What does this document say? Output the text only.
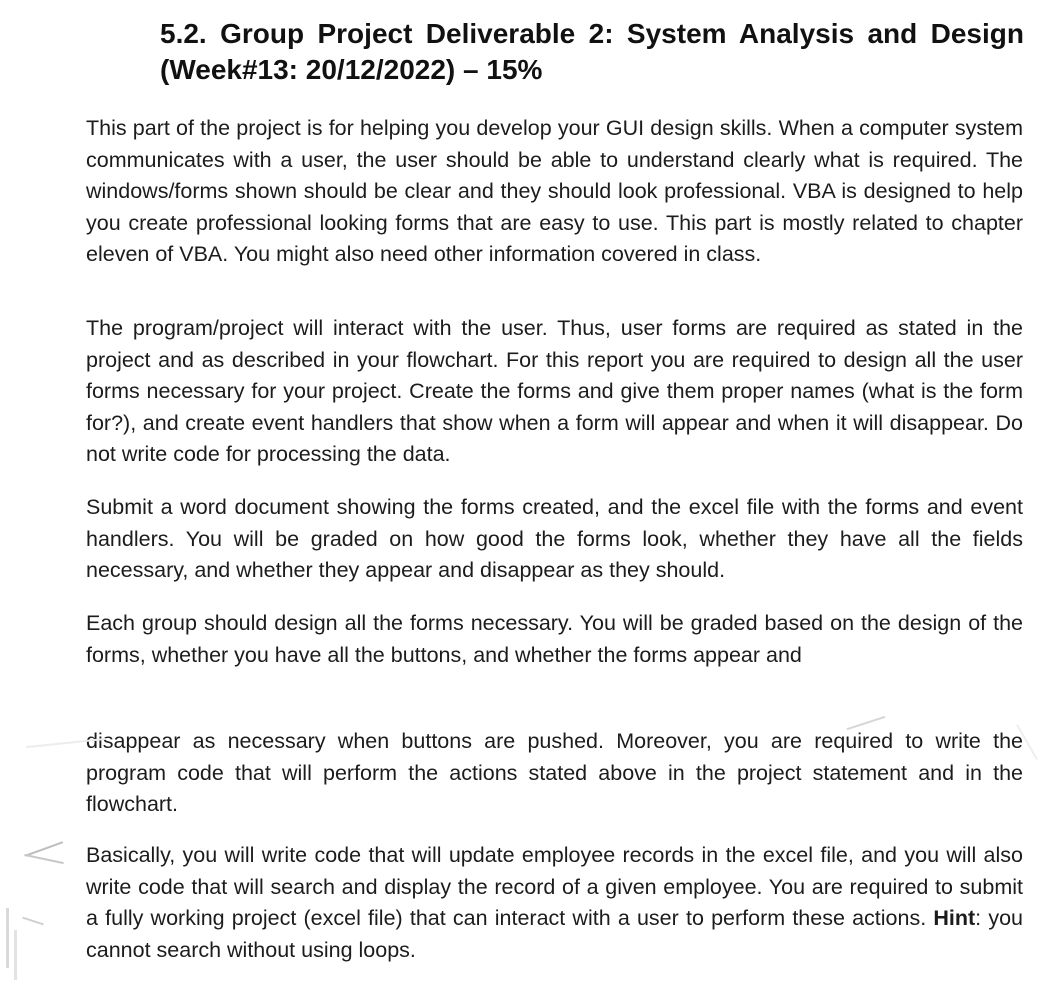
5.2. Group Project Deliverable 2: System Analysis and Design
(Week#13: 20/12/2022) – 15%

This part of the project is for helping you develop your GUI design skills. When a computer system communicates with a user, the user should be able to understand clearly what is required. The windows/forms shown should be clear and they should look professional. VBA is designed to help you create professional looking forms that are easy to use. This part is mostly related to chapter eleven of VBA. You might also need other information covered in class.

The program/project will interact with the user. Thus, user forms are required as stated in the project and as described in your flowchart. For this report you are required to design all the user forms necessary for your project. Create the forms and give them proper names (what is the form for?), and create event handlers that show when a form will appear and when it will disappear. Do not write code for processing the data.

Submit a word document showing the forms created, and the excel file with the forms and event handlers. You will be graded on how good the forms look, whether they have all the fields necessary, and whether they appear and disappear as they should.

Each group should design all the forms necessary. You will be graded based on the design of the forms, whether you have all the buttons, and whether the forms appear and

disappear as necessary when buttons are pushed. Moreover, you are required to write the program code that will perform the actions stated above in the project statement and in the flowchart.

Basically, you will write code that will update employee records in the excel file, and you will also write code that will search and display the record of a given employee. You are required to submit a fully working project (excel file) that can interact with a user to perform these actions. Hint: you cannot search without using loops.
